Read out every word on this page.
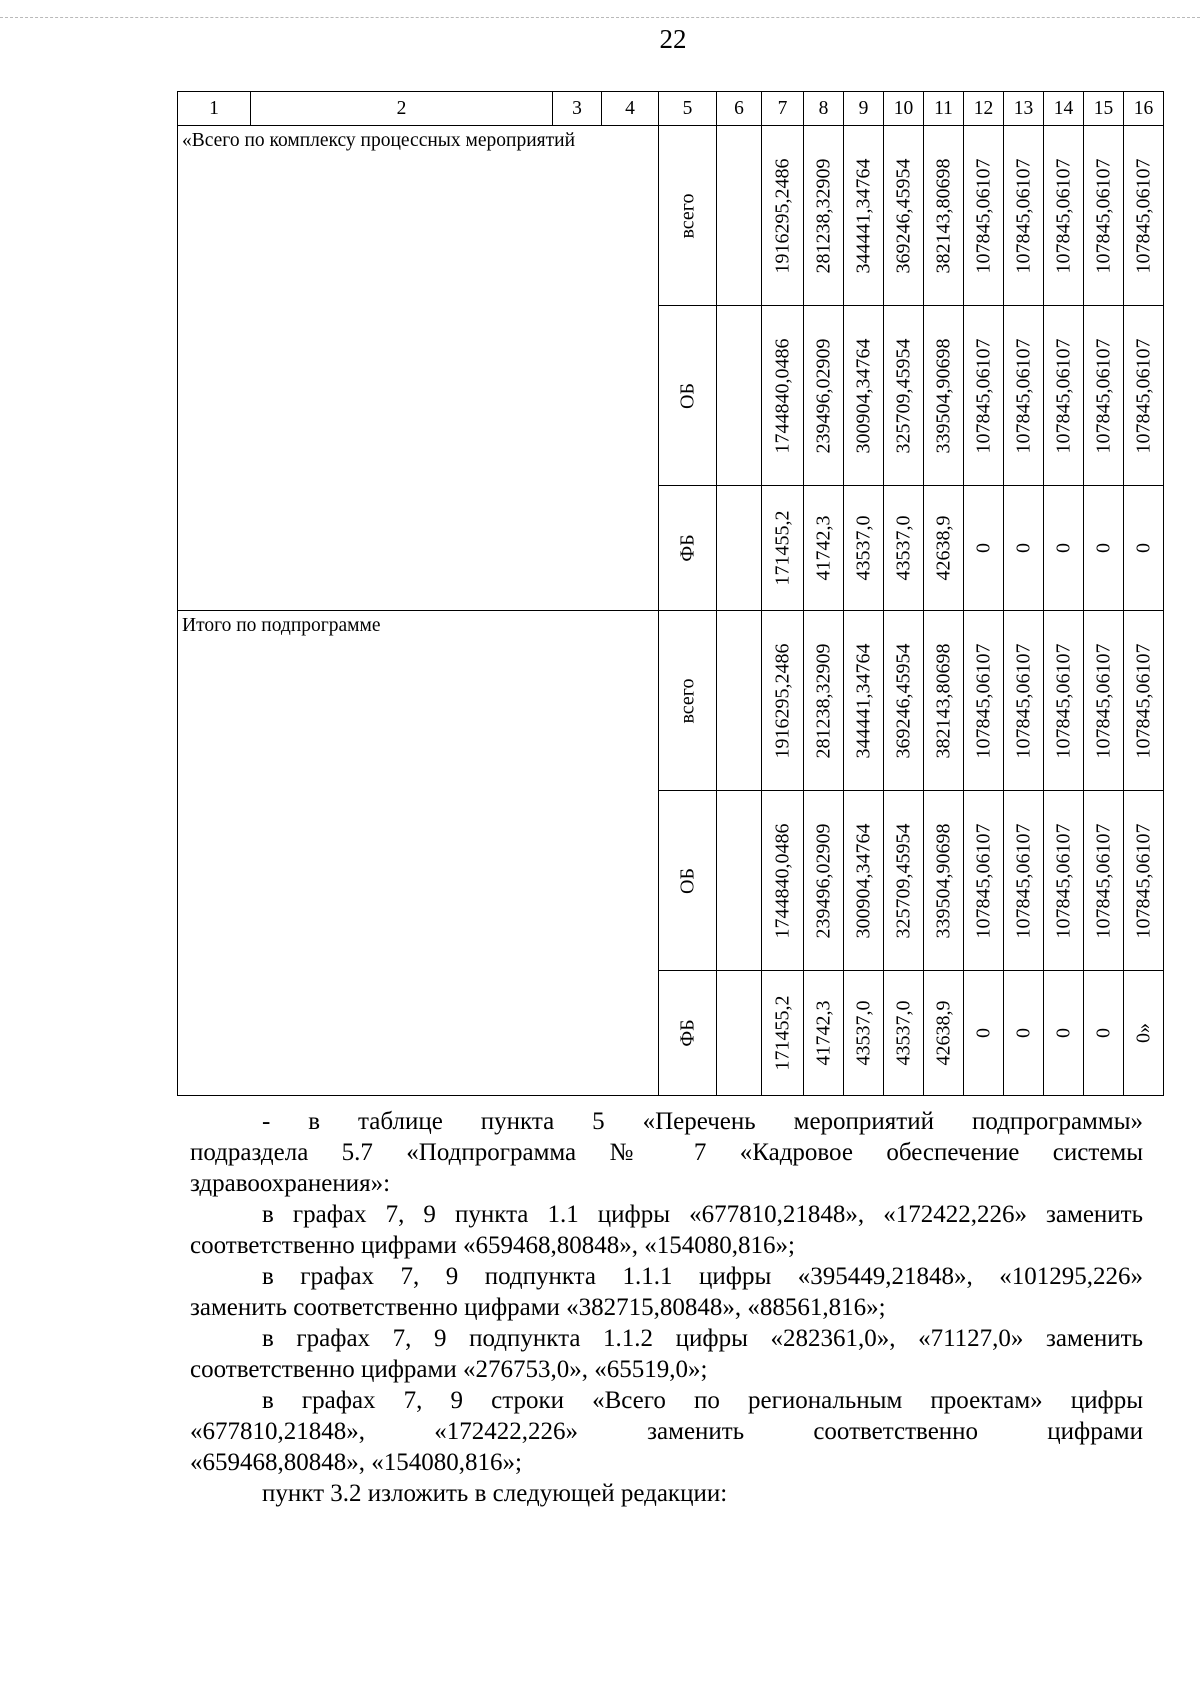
22
1	2	3	4	5	6	7	8	9	10	11	12	13	14	15	16
«Всего по комплексу процессных мероприятий				всего		1916295,2486	281238,32909	344441,34764	369246,45954	382143,80698	107845,06107	107845,06107	107845,06107	107845,06107	107845,06107

				ОБ		1744840,0486	239496,02909	300904,34764	325709,45954	339504,90698	107845,06107	107845,06107	107845,06107	107845,06107	107845,06107

				ФБ		171455,2	41742,3	43537,0	43537,0	42638,9	0	0	0	0	0

Итого по подпрограмме				всего		1916295,2486	281238,32909	344441,34764	369246,45954	382143,80698	107845,06107	107845,06107	107845,06107	107845,06107	107845,06107

				ОБ		1744840,0486	239496,02909	300904,34764	325709,45954	339504,90698	107845,06107	107845,06107	107845,06107	107845,06107	107845,06107

				ФБ		171455,2	41742,3	43537,0	43537,0	42638,9	0	0	0	0	0»

- в таблице пункта 5 «Перечень мероприятий подпрограммы»

подраздела 5.7 «Подпрограмма № 7 «Кадровое обеспечение системы

здравоохранения»:

в графах 7, 9 пункта 1.1 цифры «677810,21848», «172422,226» заменить

соответственно цифрами «659468,80848», «154080,816»;

в графах 7, 9 подпункта 1.1.1 цифры «395449,21848», «101295,226»

заменить соответственно цифрами «382715,80848», «88561,816»;

в графах 7, 9 подпункта 1.1.2 цифры «282361,0», «71127,0» заменить

соответственно цифрами «276753,0», «65519,0»;

в графах 7, 9 строки «Всего по региональным проектам» цифры

«677810,21848», «172422,226» заменить соответственно цифрами

«659468,80848», «154080,816»;

пункт 3.2 изложить в следующей редакции:
